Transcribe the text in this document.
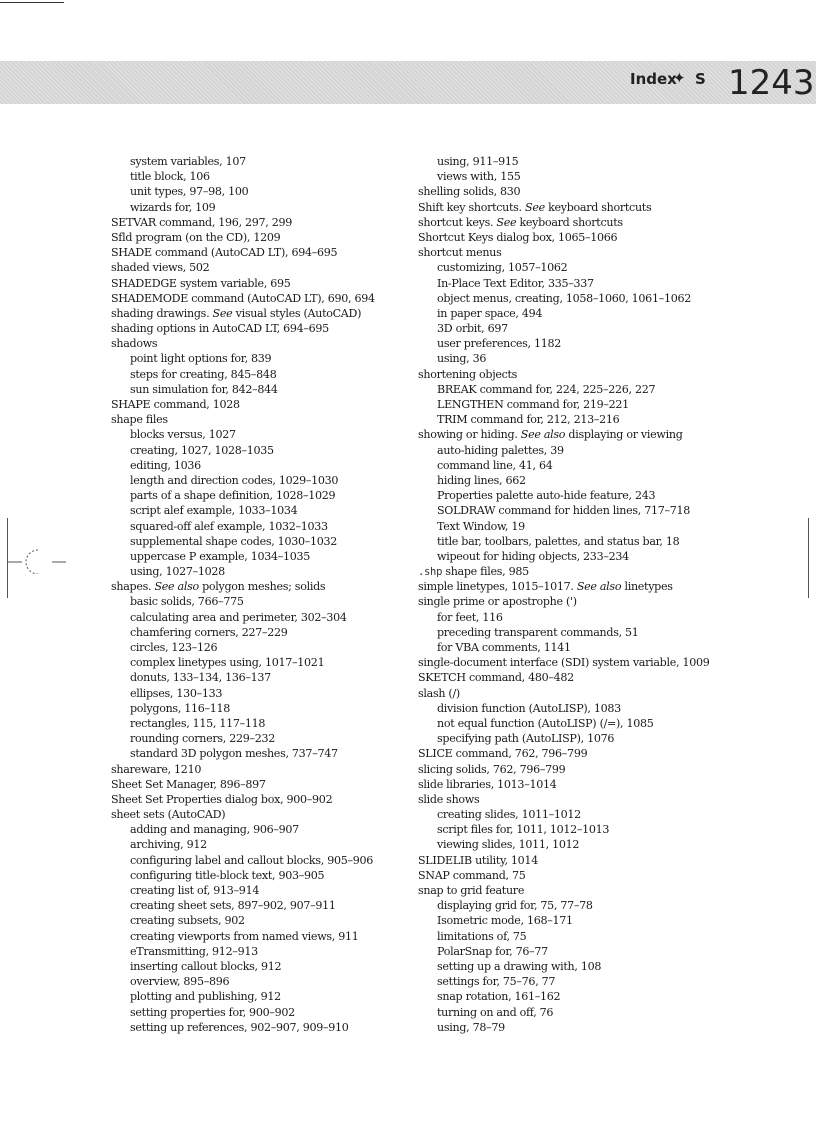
Index
✦ S 1243
system variables, 107
title block, 106
unit types, 97–98, 100
wizards for, 109
SETVAR command, 196, 297, 299
Sfld program (on the CD), 1209
SHADE command (AutoCAD LT), 694–695
shaded views, 502
SHADEDGE system variable, 695
SHADEMODE command (AutoCAD LT), 690, 694
shading drawings. See visual styles (AutoCAD)
shading options in AutoCAD LT, 694–695
shadows
point light options for, 839
steps for creating, 845–848
sun simulation for, 842–844
SHAPE command, 1028
shape files
blocks versus, 1027
creating, 1027, 1028–1035
editing, 1036
length and direction codes, 1029–1030
parts of a shape definition, 1028–1029
script alef example, 1033–1034
squared-off alef example, 1032–1033
supplemental shape codes, 1030–1032
uppercase P example, 1034–1035
using, 1027–1028
shapes. See also polygon meshes; solids
basic solids, 766–775
calculating area and perimeter, 302–304
chamfering corners, 227–229
circles, 123–126
complex linetypes using, 1017–1021
donuts, 133–134, 136–137
ellipses, 130–133
polygons, 116–118
rectangles, 115, 117–118
rounding corners, 229–232
standard 3D polygon meshes, 737–747
shareware, 1210
Sheet Set Manager, 896–897
Sheet Set Properties dialog box, 900–902
sheet sets (AutoCAD)
adding and managing, 906–907
archiving, 912
configuring label and callout blocks, 905–906
configuring title-block text, 903–905
creating list of, 913–914
creating sheet sets, 897–902, 907–911
creating subsets, 902
creating viewports from named views, 911
eTransmitting, 912–913
inserting callout blocks, 912
overview, 895–896
plotting and publishing, 912
setting properties for, 900–902
setting up references, 902–907, 909–910
using, 911–915
views with, 155
shelling solids, 830
Shift key shortcuts. See keyboard shortcuts
shortcut keys. See keyboard shortcuts
Shortcut Keys dialog box, 1065–1066
shortcut menus
customizing, 1057–1062
In-Place Text Editor, 335–337
object menus, creating, 1058–1060, 1061–1062
in paper space, 494
3D orbit, 697
user preferences, 1182
using, 36
shortening objects
BREAK command for, 224, 225–226, 227
LENGTHEN command for, 219–221
TRIM command for, 212, 213–216
showing or hiding. See also displaying or viewing
auto-hiding palettes, 39
command line, 41, 64
hiding lines, 662
Properties palette auto-hide feature, 243
SOLDRAW command for hidden lines, 717–718
Text Window, 19
title bar, toolbars, palettes, and status bar, 18
wipeout for hiding objects, 233–234
.shp shape files, 985
simple linetypes, 1015–1017. See also linetypes
single prime or apostrophe (')
for feet, 116
preceding transparent commands, 51
for VBA comments, 1141
single-document interface (SDI) system variable, 1009
SKETCH command, 480–482
slash (/)
division function (AutoLISP), 1083
not equal function (AutoLISP) (/=), 1085
specifying path (AutoLISP), 1076
SLICE command, 762, 796–799
slicing solids, 762, 796–799
slide libraries, 1013–1014
slide shows
creating slides, 1011–1012
script files for, 1011, 1012–1013
viewing slides, 1011, 1012
SLIDELIB utility, 1014
SNAP command, 75
snap to grid feature
displaying grid for, 75, 77–78
Isometric mode, 168–171
limitations of, 75
PolarSnap for, 76–77
setting up a drawing with, 108
settings for, 75–76, 77
snap rotation, 161–162
turning on and off, 76
using, 78–79
